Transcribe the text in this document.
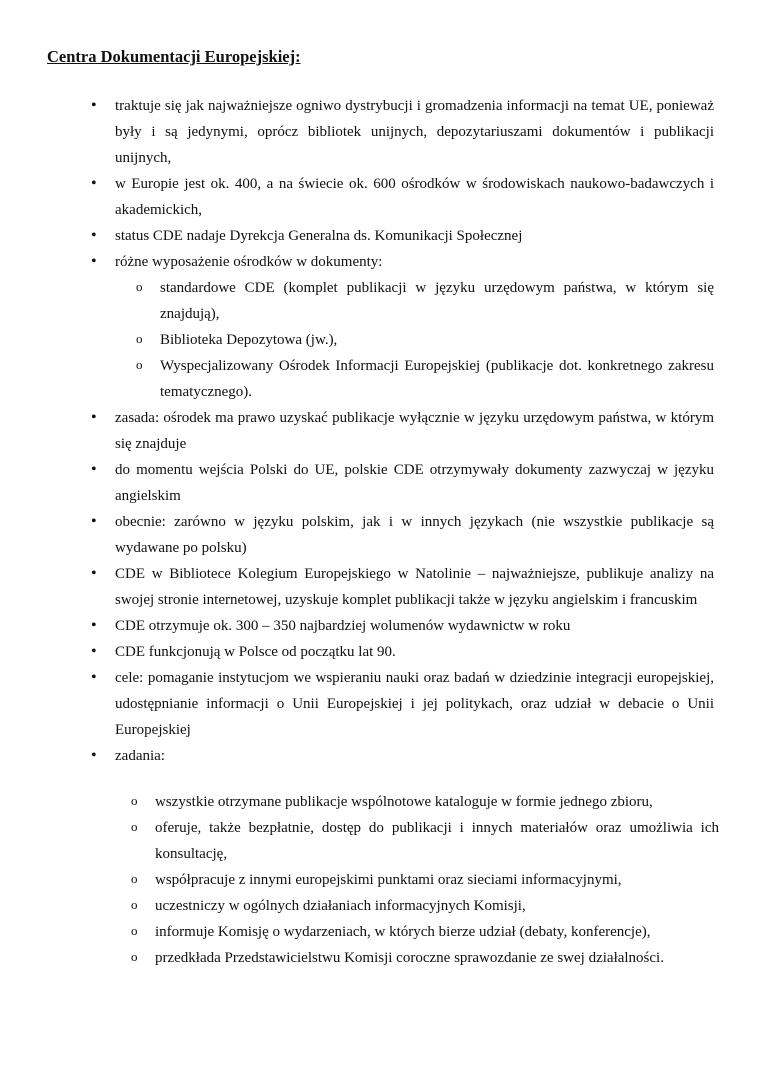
Centra Dokumentacji Europejskiej:
• traktuje się jak najważniejsze ogniwo dystrybucji i gromadzenia informacji na temat UE, ponieważ były i są jedynymi, oprócz bibliotek unijnych, depozytariuszami dokumentów i publikacji unijnych,
• w Europie jest ok. 400, a na świecie ok. 600 ośrodków w środowiskach naukowo-badawczych i akademickich,
• status CDE nadaje Dyrekcja Generalna ds. Komunikacji Społecznej
• różne wyposażenie ośrodków w dokumenty:
o standardowe CDE (komplet publikacji w języku urzędowym państwa, w którym się znajdują),
o Biblioteka Depozytowa (jw.),
o Wyspecjalizowany Ośrodek Informacji Europejskiej (publikacje dot. konkretnego zakresu tematycznego).
• zasada: ośrodek ma prawo uzyskać publikacje wyłącznie w języku urzędowym państwa, w którym się znajduje
• do momentu wejścia Polski do UE, polskie CDE otrzymywały dokumenty zazwyczaj w języku angielskim
• obecnie: zarówno w języku polskim, jak i w innych językach (nie wszystkie publikacje są wydawane po polsku)
• CDE w Bibliotece Kolegium Europejskiego w Natolinie – najważniejsze, publikuje analizy na swojej stronie internetowej, uzyskuje komplet publikacji także w języku angielskim i francuskim
• CDE otrzymuje ok. 300 – 350 najbardziej wolumenów wydawnictw w roku
• CDE funkcjonują w Polsce od początku lat 90.
• cele: pomaganie instytucjom we wspieraniu nauki oraz badań w dziedzinie integracji europejskiej, udostępnianie informacji o Unii Europejskiej i jej politykach, oraz udział w debacie o Unii Europejskiej
• zadania:
o wszystkie otrzymane publikacje wspólnotowe kataloguje w formie jednego zbioru,
o oferuje, także bezpłatnie, dostęp do publikacji i innych materiałów oraz umożliwia ich konsultację,
o współpracuje z innymi europejskimi punktami oraz sieciami informacyjnymi,
o uczestniczy w ogólnych działaniach informacyjnych Komisji,
o informuje Komisję o wydarzeniach, w których bierze udział (debaty, konferencje),
o przedkłada Przedstawicielstwu Komisji coroczne sprawozdanie ze swej działalności.
